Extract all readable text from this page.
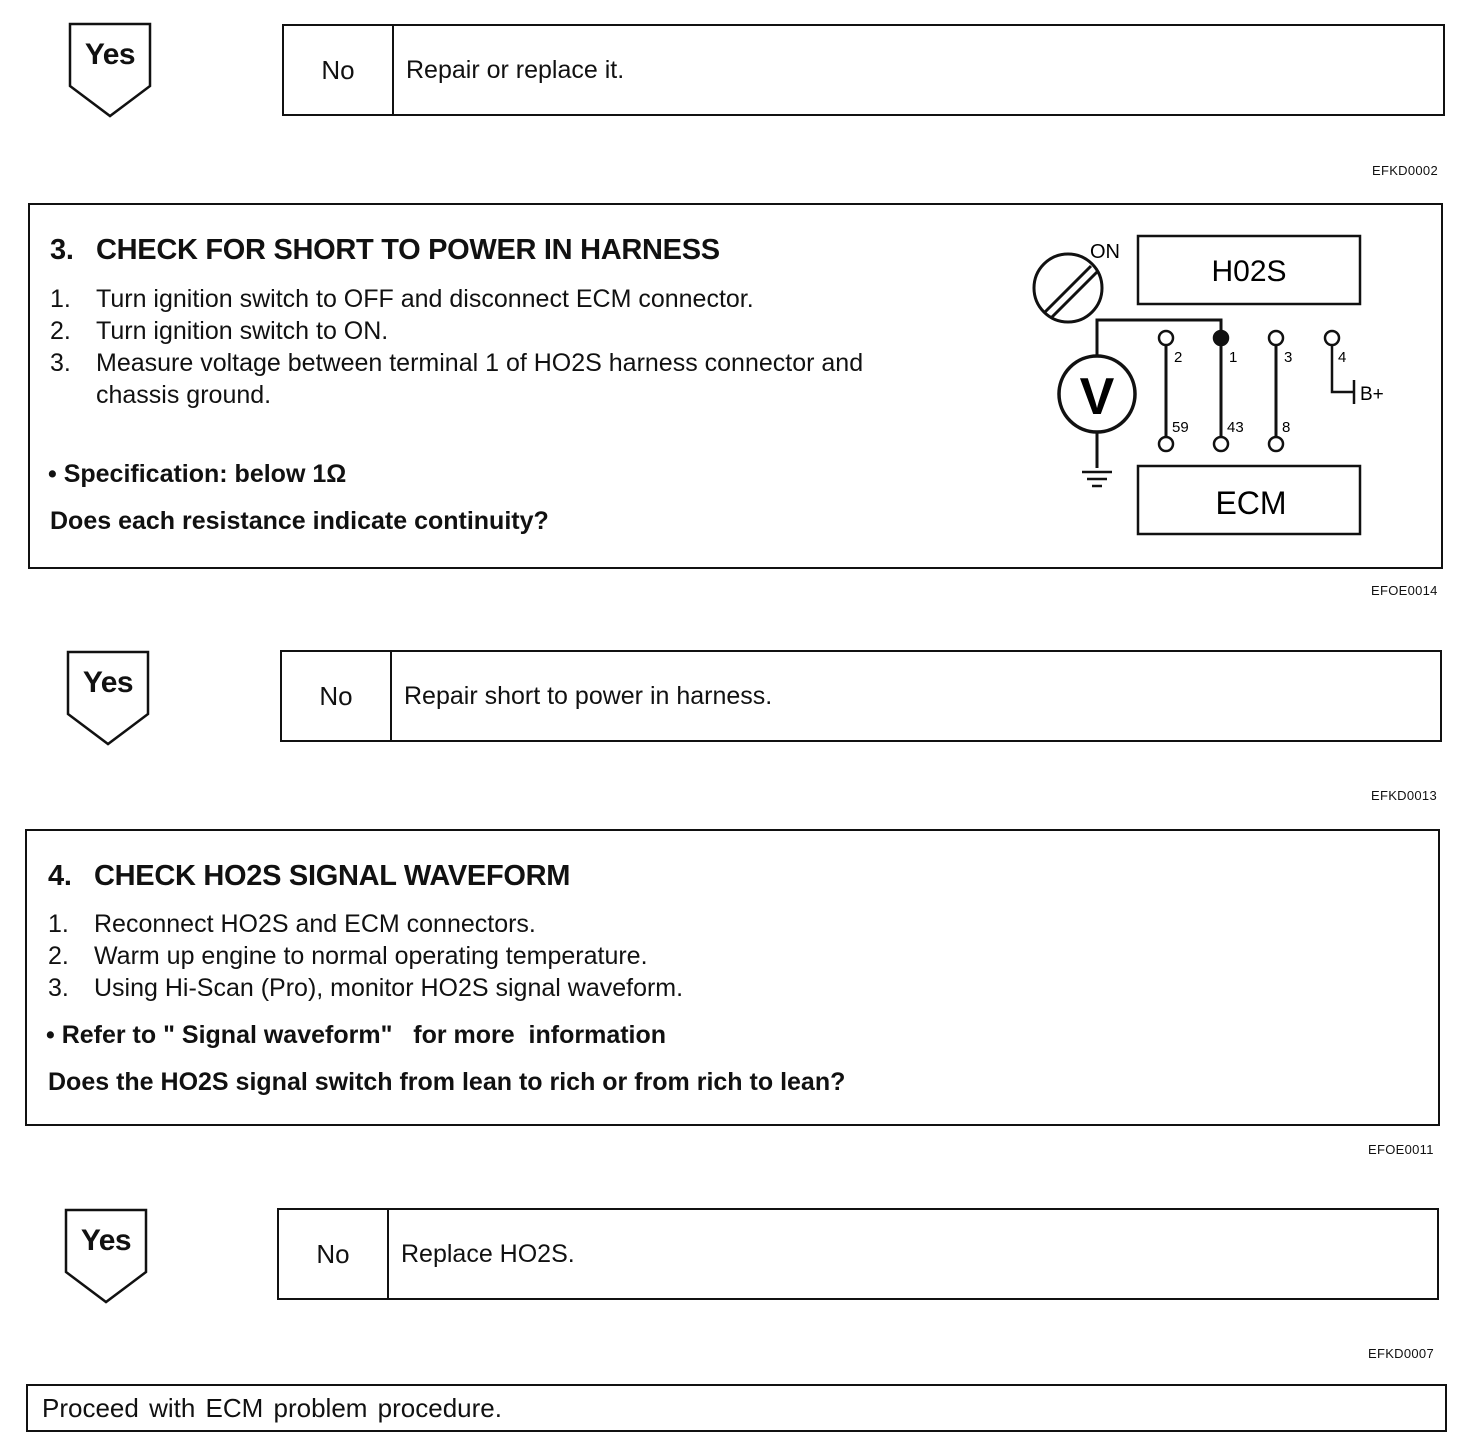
Yes	No	Repair or replace it.
EFKD0002
3. CHECK FOR SHORT TO POWER IN HARNESS
1. Turn ignition switch to OFF and disconnect ECM connector.
2. Turn ignition switch to ON.
3. Measure voltage between terminal 1 of HO2S harness connector and
chassis ground.
• Specification: below 1Ω
Does each resistance indicate continuity?
ON
H02S
ECM
V	B+
2	1	3	4
59	43	8
EFOE0014
Yes	No	Repair short to power in harness.
EFKD0013
4. CHECK HO2S SIGNAL WAVEFORM
1. Reconnect HO2S and ECM connectors.
2. Warm up engine to normal operating temperature.
3. Using Hi-Scan (Pro), monitor HO2S signal waveform.
• Refer to " Signal waveform"   for more  information
Does the HO2S signal switch from lean to rich or from rich to lean?
EFOE0011
Yes	No	Replace HO2S.
EFKD0007
Proceed with ECM problem procedure.
